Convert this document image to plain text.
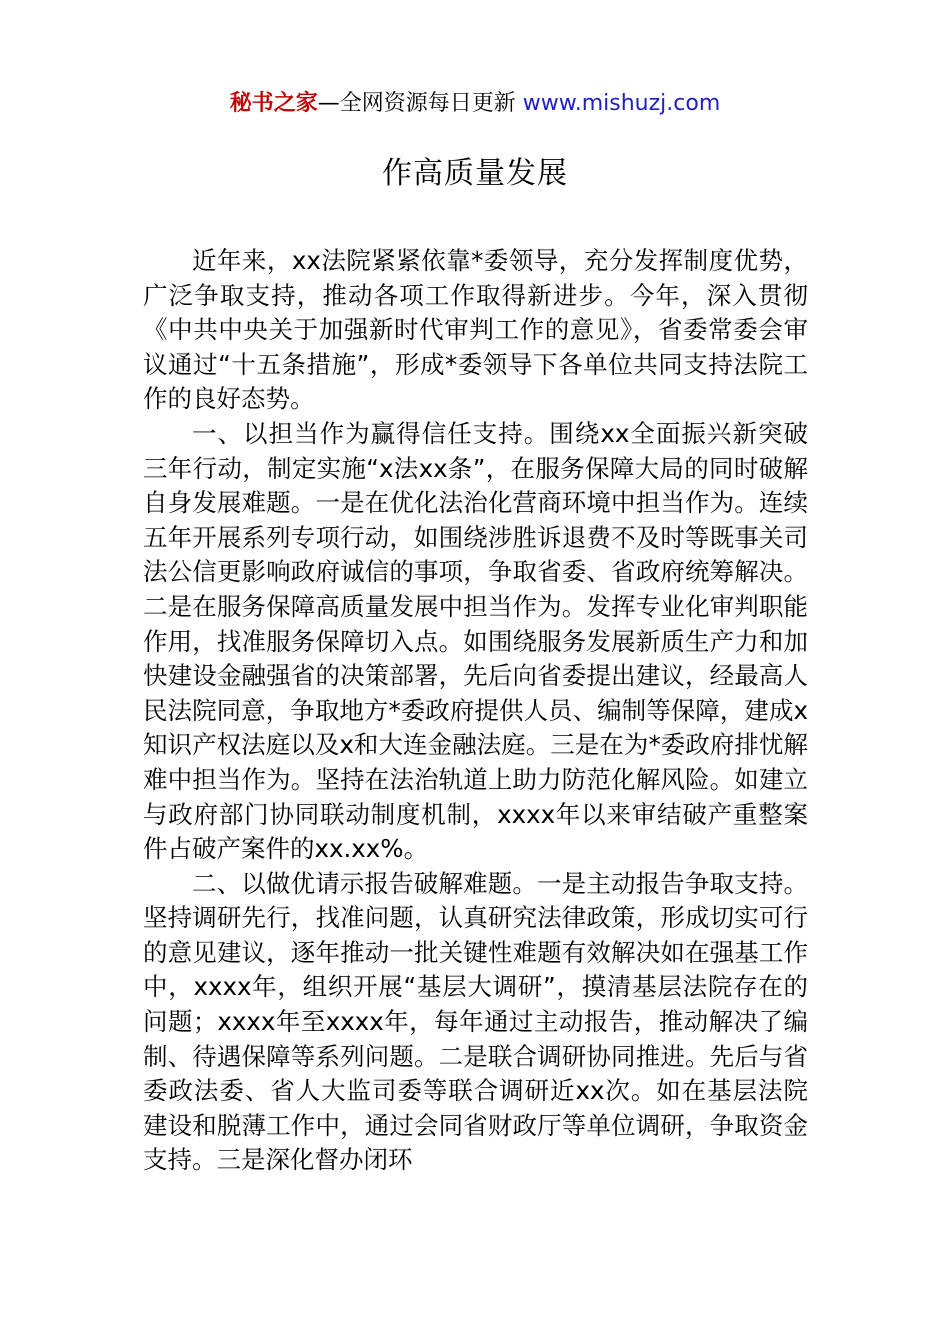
秘书之家—全网资源每日更新 www.mishuzj.com
作高质量发展

近年来，xx法院紧紧依靠*委领导，充分发挥制度优势，广泛争取支持，推动各项工作取得新进步。今年，深入贯彻《中共中央关于加强新时代审判工作的意见》，省委常委会审议通过“十五条措施”，形成*委领导下各单位共同支持法院工作的良好态势。

一、以担当作为赢得信任支持。围绕xx全面振兴新突破三年行动，制定实施“x法xx条”，在服务保障大局的同时破解自身发展难题。一是在优化法治化营商环境中担当作为。连续五年开展系列专项行动，如围绕涉胜诉退费不及时等既事关司法公信更影响政府诚信的事项，争取省委、省政府统筹解决。二是在服务保障高质量发展中担当作为。发挥专业化审判职能作用，找准服务保障切入点。如围绕服务发展新质生产力和加快建设金融强省的决策部署，先后向省委提出建议，经最高人民法院同意，争取地方*委政府提供人员、编制等保障，建成x知识产权法庭以及x和大连金融法庭。三是在为*委政府排忧解难中担当作为。坚持在法治轨道上助力防范化解风险。如建立与政府部门协同联动制度机制，xxxx年以来审结破产重整案件占破产案件的xx.xx%。

二、以做优请示报告破解难题。一是主动报告争取支持。坚持调研先行，找准问题，认真研究法律政策，形成切实可行的意见建议，逐年推动一批关键性难题有效解决如在强基工作中，xxxx年，组织开展“基层大调研”，摸清基层法院存在的问题；xxxx年至xxxx年，每年通过主动报告，推动解决了编制、待遇保障等系列问题。二是联合调研协同推进。先后与省委政法委、省人大监司委等联合调研近xx次。如在基层法院建设和脱薄工作中，通过会同省财政厅等单位调研，争取资金支持。三是深化督办闭环
